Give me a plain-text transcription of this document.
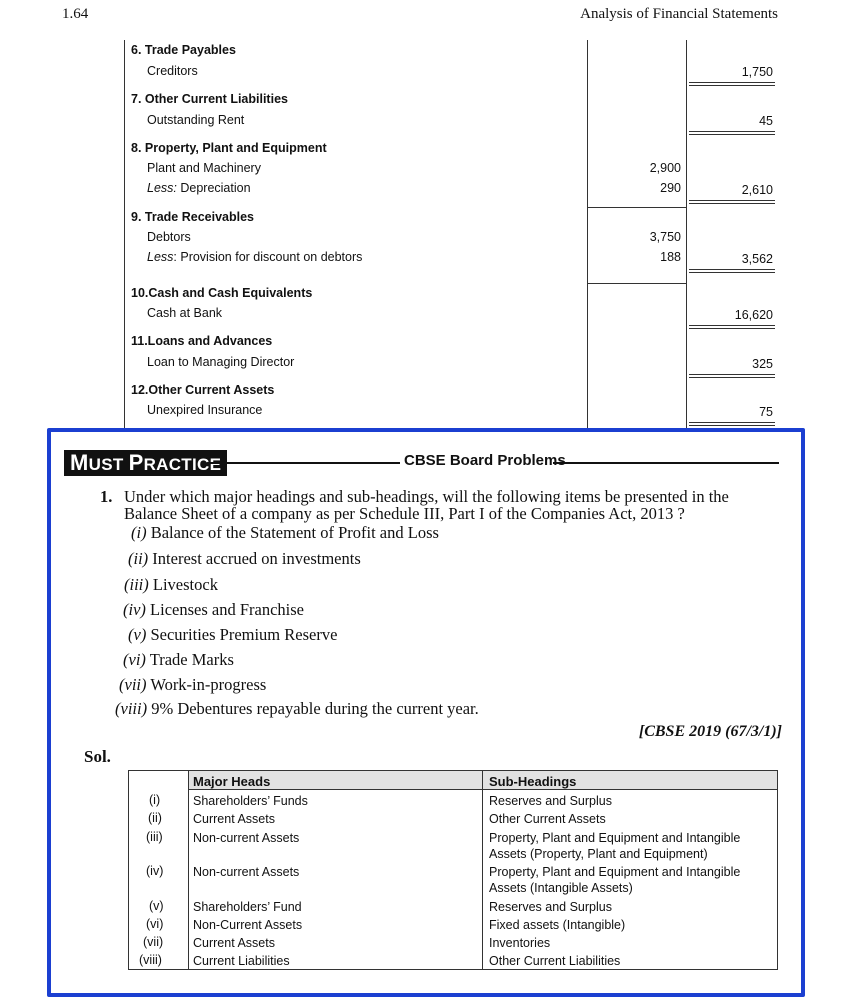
1.64	Analysis of Financial Statements
6. Trade Payables
Creditors	1,750
7. Other Current Liabilities
Outstanding Rent	45
8. Property, Plant and Equipment
Plant and Machinery	2,900
Less: Depreciation	290	2,610
9. Trade Receivables
Debtors	3,750
Less: Provision for discount on debtors	188	3,562
10.Cash and Cash Equivalents
Cash at Bank	16,620
11.Loans and Advances
Loan to Managing Director	325
12.Other Current Assets
Unexpired Insurance	75
MUST PRACTICE	CBSE Board Problems
1. Under which major headings and sub-headings, will the following items be presented in the Balance Sheet of a company as per Schedule III, Part I of the Companies Act, 2013 ?
(i) Balance of the Statement of Profit and Loss
(ii) Interest accrued on investments
(iii) Livestock
(iv) Licenses and Franchise
(v) Securities Premium Reserve
(vi) Trade Marks
(vii) Work-in-progress
(viii) 9% Debentures repayable during the current year.
[CBSE 2019 (67/3/1)]
Sol.
Major Heads	Sub-Headings
(i)	Shareholders’ Funds	Reserves and Surplus
(ii) Current Assets	Other Current Assets
(iii) Non-current Assets	Property, Plant and Equipment and Intangible Assets (Property, Plant and Equipment)
(iv) Non-current Assets	Property, Plant and Equipment and Intangible Assets (Intangible Assets)
(v) Shareholders’ Fund	Reserves and Surplus
(vi) Non-Current Assets	Fixed assets (Intangible)
(vii) Current Assets	Inventories
(viii) Current Liabilities	Other Current Liabilities
